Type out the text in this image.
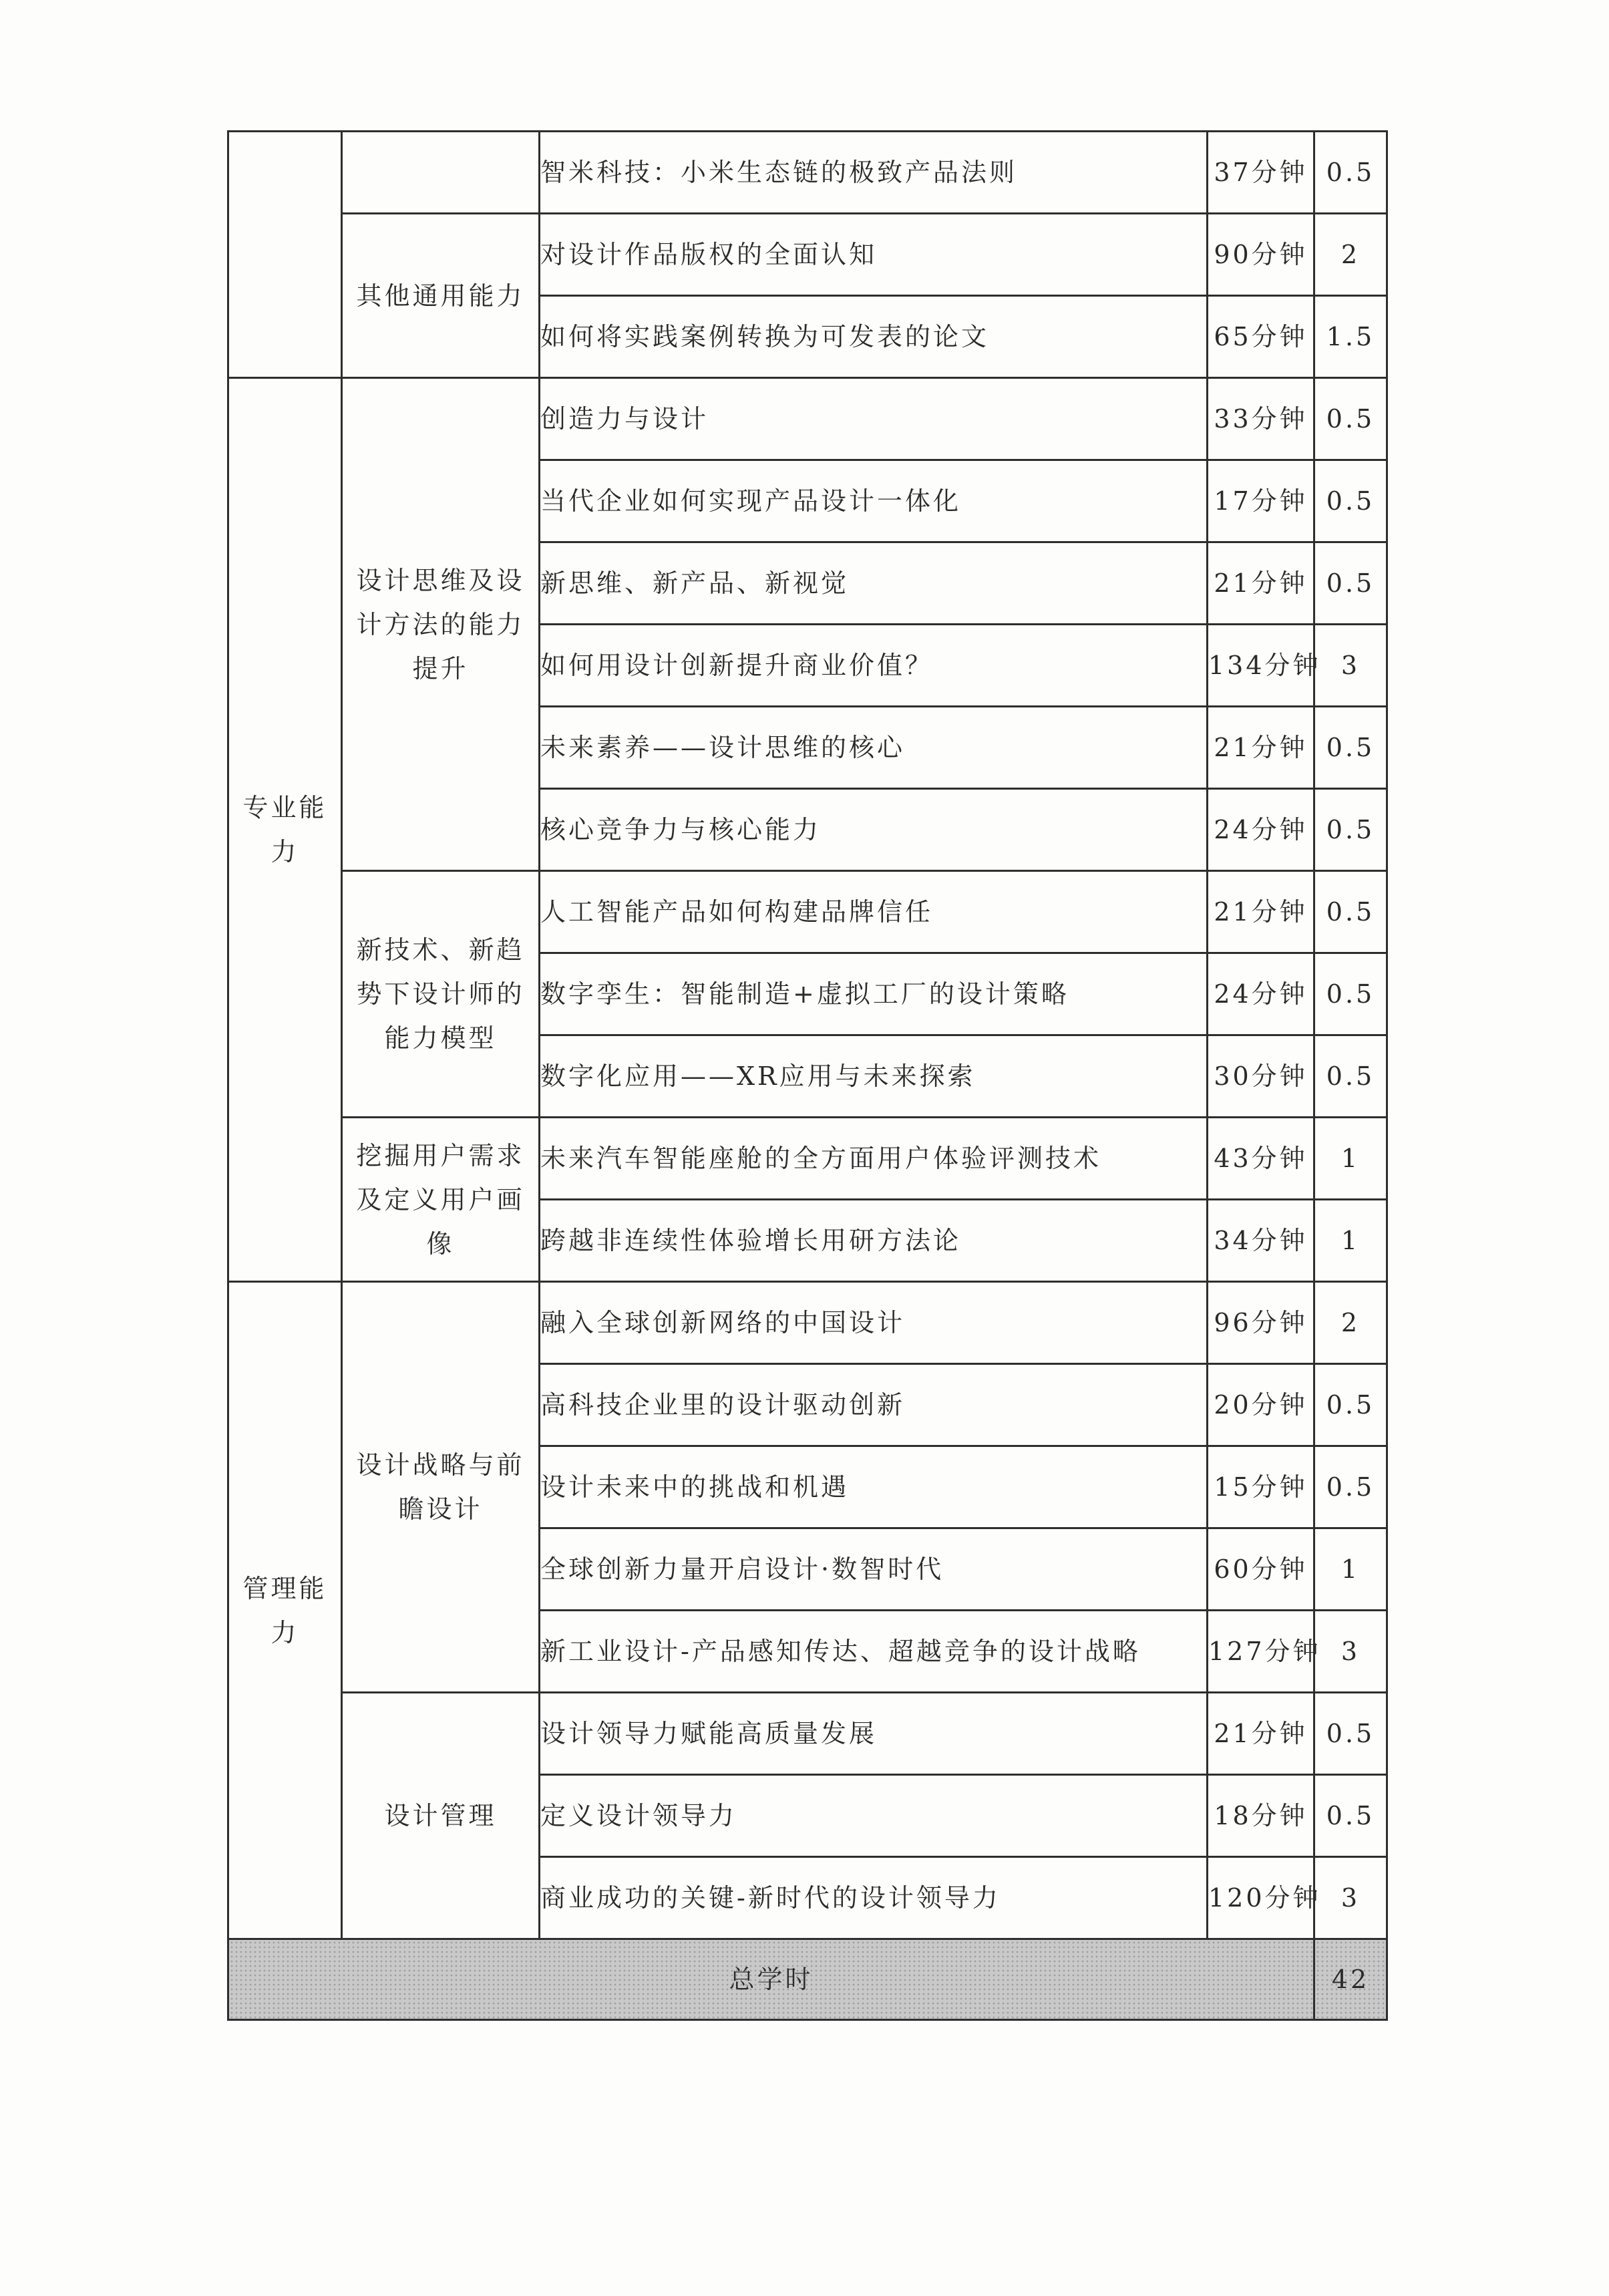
		智米科技：小米生态链的极致产品法则	37分钟	0.5
	其他通用能力	对设计作品版权的全面认知	90分钟	2
		如何将实践案例转换为可发表的论文	65分钟	1.5
专业能力	设计思维及设计方法的能力提升	创造力与设计	33分钟	0.5
		当代企业如何实现产品设计一体化	17分钟	0.5
		新思维、新产品、新视觉	21分钟	0.5
		如何用设计创新提升商业价值？	134分钟	3
		未来素养——设计思维的核心	21分钟	0.5
		核心竞争力与核心能力	24分钟	0.5
	新技术、新趋势下设计师的能力模型	人工智能产品如何构建品牌信任	21分钟	0.5
		数字孪生：智能制造+虚拟工厂的设计策略	24分钟	0.5
		数字化应用——XR应用与未来探索	30分钟	0.5
	挖掘用户需求及定义用户画像	未来汽车智能座舱的全方面用户体验评测技术	43分钟	1
		跨越非连续性体验增长用研方法论	34分钟	1
管理能力	设计战略与前瞻设计	融入全球创新网络的中国设计	96分钟	2
		高科技企业里的设计驱动创新	20分钟	0.5
		设计未来中的挑战和机遇	15分钟	0.5
		全球创新力量开启设计·数智时代	60分钟	1
		新工业设计-产品感知传达、超越竞争的设计战略	127分钟	3
	设计管理	设计领导力赋能高质量发展	21分钟	0.5
		定义设计领导力	18分钟	0.5
		商业成功的关键-新时代的设计领导力	120分钟	3
总学时				42
